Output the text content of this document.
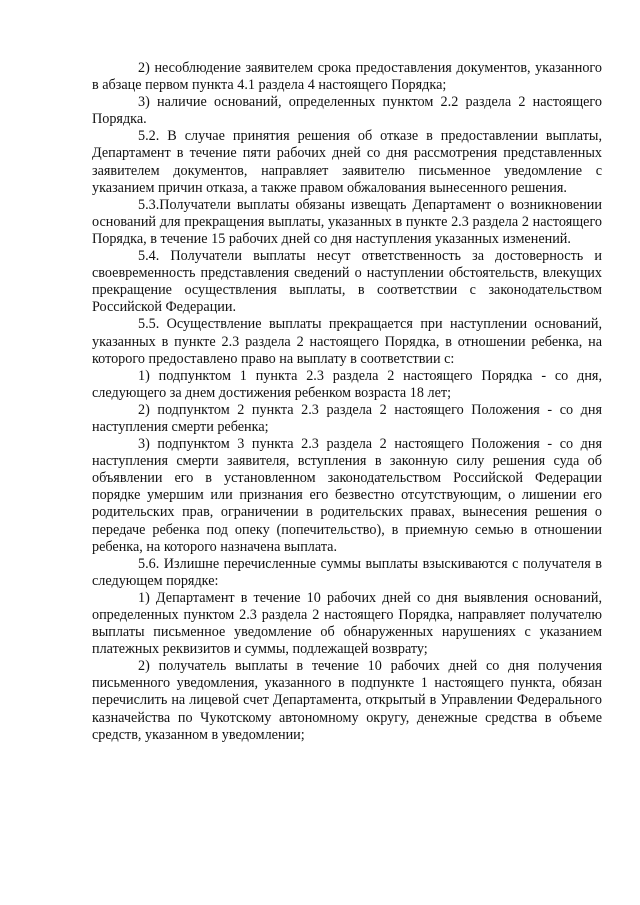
2) несоблюдение заявителем срока предоставления документов, указанного в абзаце первом пункта 4.1 раздела 4 настоящего Порядка;

3) наличие оснований, определенных пунктом 2.2 раздела 2 настоящего Порядка.

5.2. В случае принятия решения об отказе в предоставлении выплаты, Департамент в течение пяти рабочих дней со дня рассмотрения представленных заявителем документов, направляет заявителю письменное уведомление с указанием причин отказа, а также правом обжалования вынесенного решения.

5.3.Получатели выплаты обязаны извещать Департамент о возникновении оснований для прекращения выплаты, указанных в пункте 2.3 раздела 2 настоящего Порядка, в течение 15 рабочих дней со дня наступления указанных изменений.

5.4. Получатели выплаты несут ответственность за достоверность и своевременность представления сведений о наступлении обстоятельств, влекущих прекращение осуществления выплаты, в соответствии с законодательством Российской Федерации.

5.5. Осуществление выплаты прекращается при наступлении оснований, указанных в пункте 2.3 раздела 2 настоящего Порядка, в отношении ребенка, на которого предоставлено право на выплату в соответствии с:

1) подпунктом 1 пункта 2.3 раздела 2 настоящего Порядка - со дня, следующего за днем достижения ребенком возраста 18 лет;

2) подпунктом 2 пункта 2.3 раздела 2 настоящего Положения - со дня наступления смерти ребенка;

3) подпунктом 3 пункта 2.3 раздела 2 настоящего Положения - со дня наступления смерти заявителя, вступления в законную силу решения суда об объявлении его в установленном законодательством Российской Федерации порядке умершим или признания его безвестно отсутствующим, о лишении его родительских прав, ограничении в родительских правах, вынесения решения о передаче ребенка под опеку (попечительство), в приемную семью в отношении ребенка, на которого назначена выплата.

5.6. Излишне перечисленные суммы выплаты взыскиваются с получателя в следующем порядке:

1) Департамент в течение 10 рабочих дней со дня выявления оснований, определенных пунктом 2.3 раздела 2 настоящего Порядка, направляет получателю выплаты письменное уведомление об обнаруженных нарушениях с указанием платежных реквизитов и суммы, подлежащей возврату;

2) получатель выплаты в течение 10 рабочих дней со дня получения письменного уведомления, указанного в подпункте 1 настоящего пункта, обязан перечислить на лицевой счет Департамента, открытый в Управлении Федерального казначейства по Чукотскому автономному округу, денежные средства в объеме средств, указанном в уведомлении;
